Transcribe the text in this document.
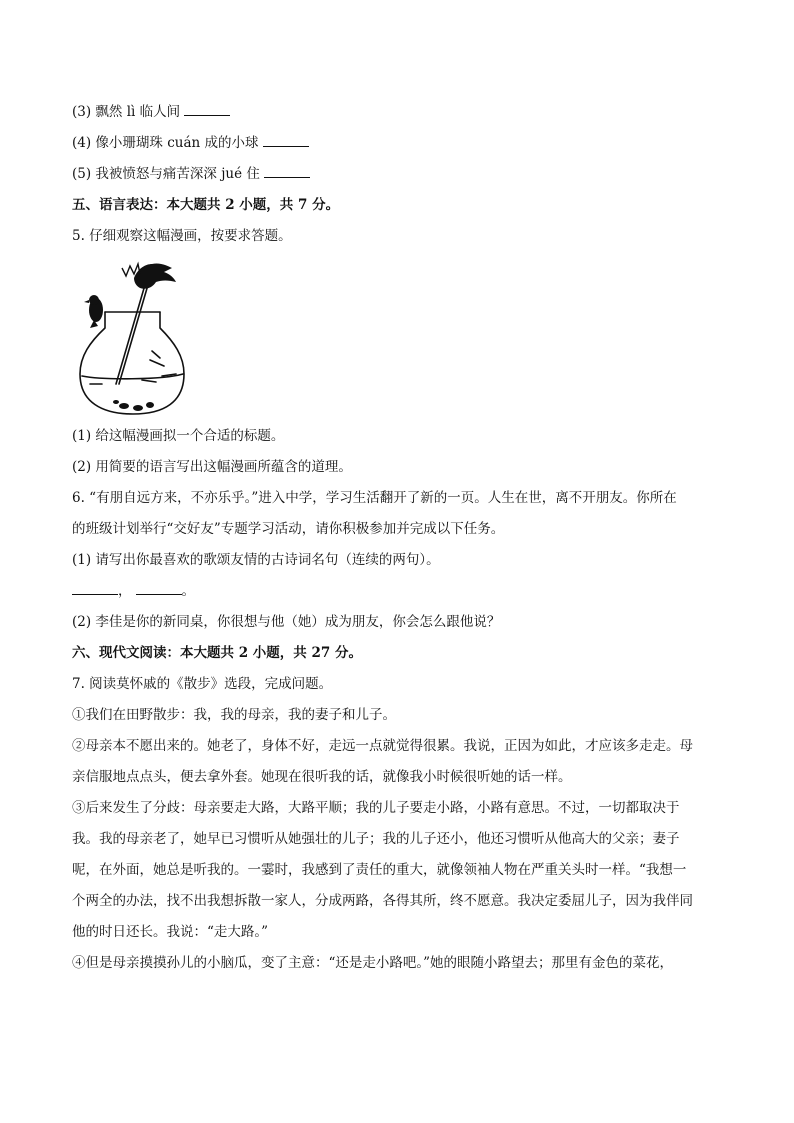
(3) 飘然 lì 临人间
(4) 像小珊瑚珠 cuán 成的小球
(5) 我被愤怒与痛苦深深 jué 住
五、语言表达：本大题共 2 小题，共 7 分。
5. 仔细观察这幅漫画，按要求答题。
(1) 给这幅漫画拟一个合适的标题。
(2) 用简要的语言写出这幅漫画所蕴含的道理。
6. “有朋自远方来，不亦乐乎。”进入中学，学习生活翻开了新的一页。人生在世，离不开朋友。你所在
的班级计划举行“交好友”专题学习活动，请你积极参加并完成以下任务。
(1) 请写出你最喜欢的歌颂友情的古诗词名句（连续的两句）。
，	。
(2) 李佳是你的新同桌，你很想与他（她）成为朋友，你会怎么跟他说？
六、现代文阅读：本大题共 2 小题，共 27 分。
7. 阅读莫怀戚的《散步》选段，完成问题。
①我们在田野散步：我，我的母亲，我的妻子和儿子。
②母亲本不愿出来的。她老了，身体不好，走远一点就觉得很累。我说，正因为如此，才应该多走走。母
亲信服地点点头，便去拿外套。她现在很听我的话，就像我小时候很听她的话一样。
③后来发生了分歧：母亲要走大路，大路平顺；我的儿子要走小路，小路有意思。不过，一切都取决于
我。我的母亲老了，她早已习惯听从她强壮的儿子；我的儿子还小，他还习惯听从他高大的父亲；妻子
呢，在外面，她总是听我的。一霎时，我感到了责任的重大，就像领袖人物在严重关头时一样。“我想一
个两全的办法，找不出我想拆散一家人，分成两路，各得其所，终不愿意。我决定委屈儿子，因为我伴同
他的时日还长。我说：“走大路。”
④但是母亲摸摸孙儿的小脑瓜，变了主意：“还是走小路吧。”她的眼随小路望去；那里有金色的菜花，
